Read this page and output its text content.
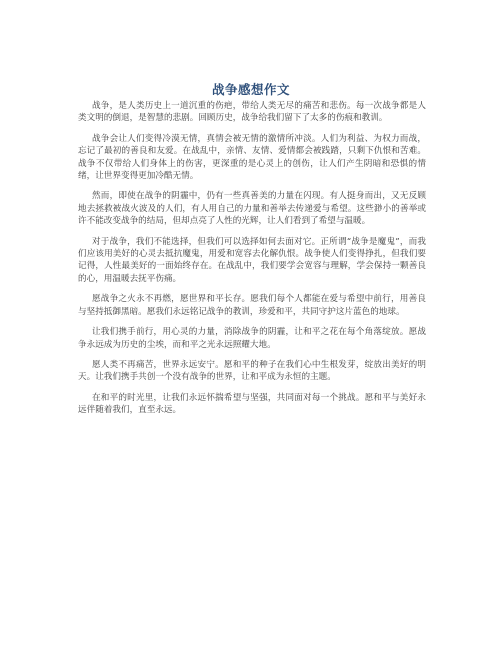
战争感想作文

战争，是人类历史上一道沉重的伤疤，带给人类无尽的痛苦和悲伤。每一次战争都是人类文明的倒退，是智慧的悲剧。回顾历史，战争给我们留下了太多的伤痕和教训。

战争会让人们变得冷漠无情，真情会被无情的激情所冲淡。人们为利益、为权力而战，忘记了最初的善良和友爱。在战乱中，亲情、友情、爱情都会被践踏，只剩下仇恨和苦难。战争不仅带给人们身体上的伤害，更深重的是心灵上的创伤，让人们产生阴暗和恐惧的情绪，让世界变得更加冷酷无情。

然而，即使在战争的阴霾中，仍有一些真善美的力量在闪现。有人挺身而出，又无反顾地去拯救被战火波及的人们，有人用自己的力量和善举去传递爱与希望。这些渺小的善举或许不能改变战争的结局，但却点亮了人性的光辉，让人们看到了希望与温暖。

对于战争，我们不能选择，但我们可以选择如何去面对它。正所谓“战争是魔鬼”，而我们应该用美好的心灵去抵抗魔鬼，用爱和宽容去化解仇恨。战争使人们变得挣扎，但我们要记得，人性最美好的一面始终存在。在战乱中，我们要学会宽容与理解，学会保持一颗善良的心，用温暖去抚平伤痛。

愿战争之火永不再燃，愿世界和平长存。愿我们每个人都能在爱与希望中前行，用善良与坚持抵御黑暗。愿我们永远铭记战争的教训，珍爱和平，共同守护这片蓝色的地球。

让我们携手前行，用心灵的力量，消除战争的阴霾，让和平之花在每个角落绽放。愿战争永远成为历史的尘埃，而和平之光永远照耀大地。

愿人类不再痛苦，世界永远安宁。愿和平的种子在我们心中生根发芽，绽放出美好的明天。让我们携手共创一个没有战争的世界，让和平成为永恒的主题。

在和平的时光里，让我们永远怀揣希望与坚强，共同面对每一个挑战。愿和平与美好永远伴随着我们，直至永远。
